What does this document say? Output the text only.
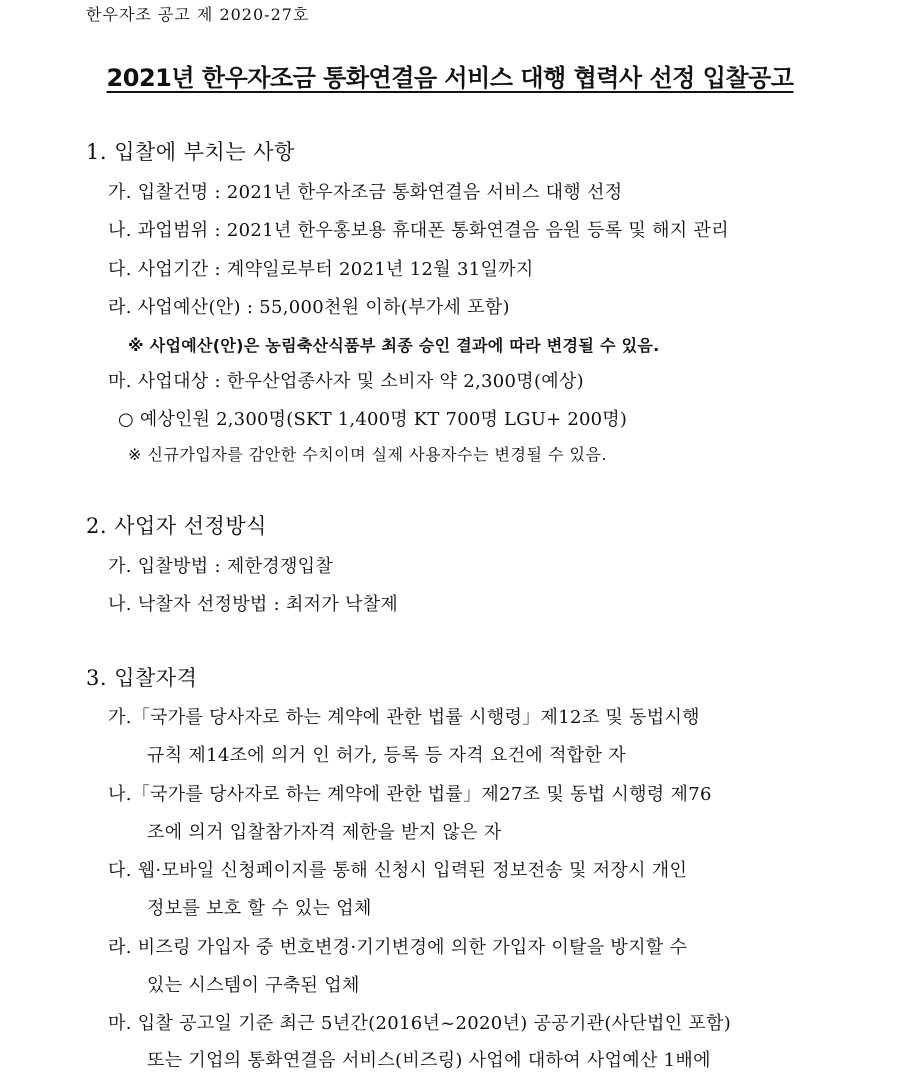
한우자조 공고 제 2020-27호
2021년 한우자조금 통화연결음 서비스 대행 협력사 선정 입찰공고
1. 입찰에 부치는 사항
가. 입찰건명 : 2021년 한우자조금 통화연결음 서비스 대행 선정
나. 과업범위 : 2021년 한우홍보용 휴대폰 통화연결음 음원 등록 및 해지 관리
다. 사업기간 : 계약일로부터 2021년 12월 31일까지
라. 사업예산(안) : 55,000천원 이하(부가세 포함)
※ 사업예산(안)은 농림축산식품부 최종 승인 결과에 따라 변경될 수 있음.
마. 사업대상 : 한우산업종사자 및 소비자 약 2,300명(예상)
○ 예상인원 2,300명(SKT 1,400명 KT 700명 LGU+ 200명)
※ 신규가입자를 감안한 수치이며 실제 사용자수는 변경될 수 있음.
2. 사업자 선정방식
가. 입찰방법 : 제한경쟁입찰
나. 낙찰자 선정방법 : 최저가 낙찰제
3. 입찰자격
가.「국가를 당사자로 하는 계약에 관한 법률 시행령」제12조 및 동법시행
규칙 제14조에 의거 인 허가, 등록 등 자격 요건에 적합한 자
나.「국가를 당사자로 하는 계약에 관한 법률」제27조 및 동법 시행령 제76
조에 의거 입찰참가자격 제한을 받지 않은 자
다. 웹·모바일 신청페이지를 통해 신청시 입력된 정보전송 및 저장시 개인
정보를 보호 할 수 있는 업체
라. 비즈링 가입자 중 번호변경·기기변경에 의한 가입자 이탈을 방지할 수
있는 시스템이 구축된 업체
마. 입찰 공고일 기준 최근 5년간(2016년~2020년) 공공기관(사단법인 포함)
또는 기업의 통화연결음 서비스(비즈링) 사업에 대하여 사업예산 1배에
